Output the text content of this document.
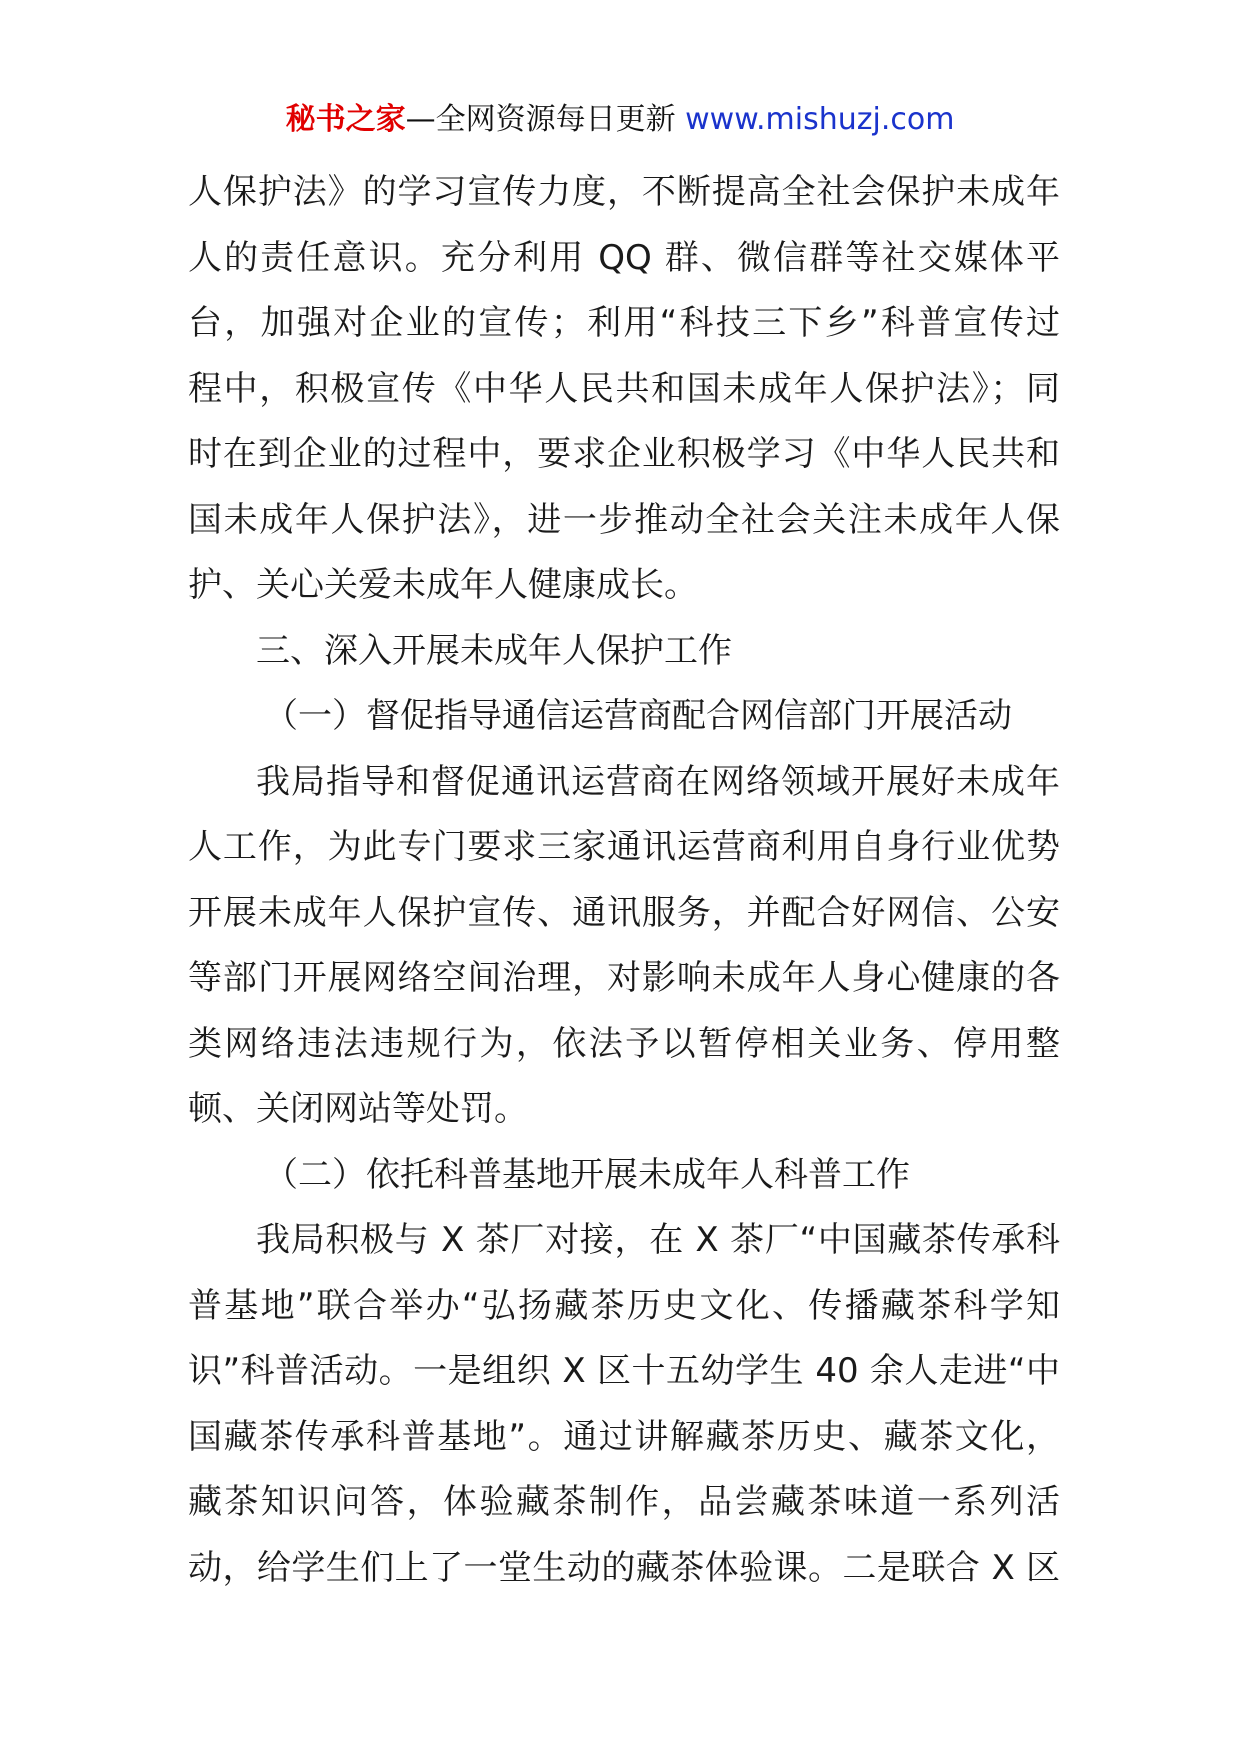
秘书之家—全网资源每日更新 www.mishuzj.com
人保护法》的学习宣传力度，不断提高全社会保护未成年
人的责任意识。充分利用 QQ 群、微信群等社交媒体平
台，加强对企业的宣传；利用“科技三下乡”科普宣传过
程中，积极宣传《中华人民共和国未成年人保护法》；同
时在到企业的过程中，要求企业积极学习《中华人民共和
国未成年人保护法》，进一步推动全社会关注未成年人保
护、关心关爱未成年人健康成长。
三、深入开展未成年人保护工作
（一）督促指导通信运营商配合网信部门开展活动
我局指导和督促通讯运营商在网络领域开展好未成年
人工作，为此专门要求三家通讯运营商利用自身行业优势
开展未成年人保护宣传、通讯服务，并配合好网信、公安
等部门开展网络空间治理，对影响未成年人身心健康的各
类网络违法违规行为，依法予以暂停相关业务、停用整
顿、关闭网站等处罚。
（二）依托科普基地开展未成年人科普工作
我局积极与 X 茶厂对接，在 X 茶厂“中国藏茶传承科
普基地”联合举办“弘扬藏茶历史文化、传播藏茶科学知
识”科普活动。一是组织 X 区十五幼学生 40 余人走进“中
国藏茶传承科普基地”。通过讲解藏茶历史、藏茶文化，
藏茶知识问答，体验藏茶制作，品尝藏茶味道一系列活
动，给学生们上了一堂生动的藏茶体验课。二是联合 X 区
